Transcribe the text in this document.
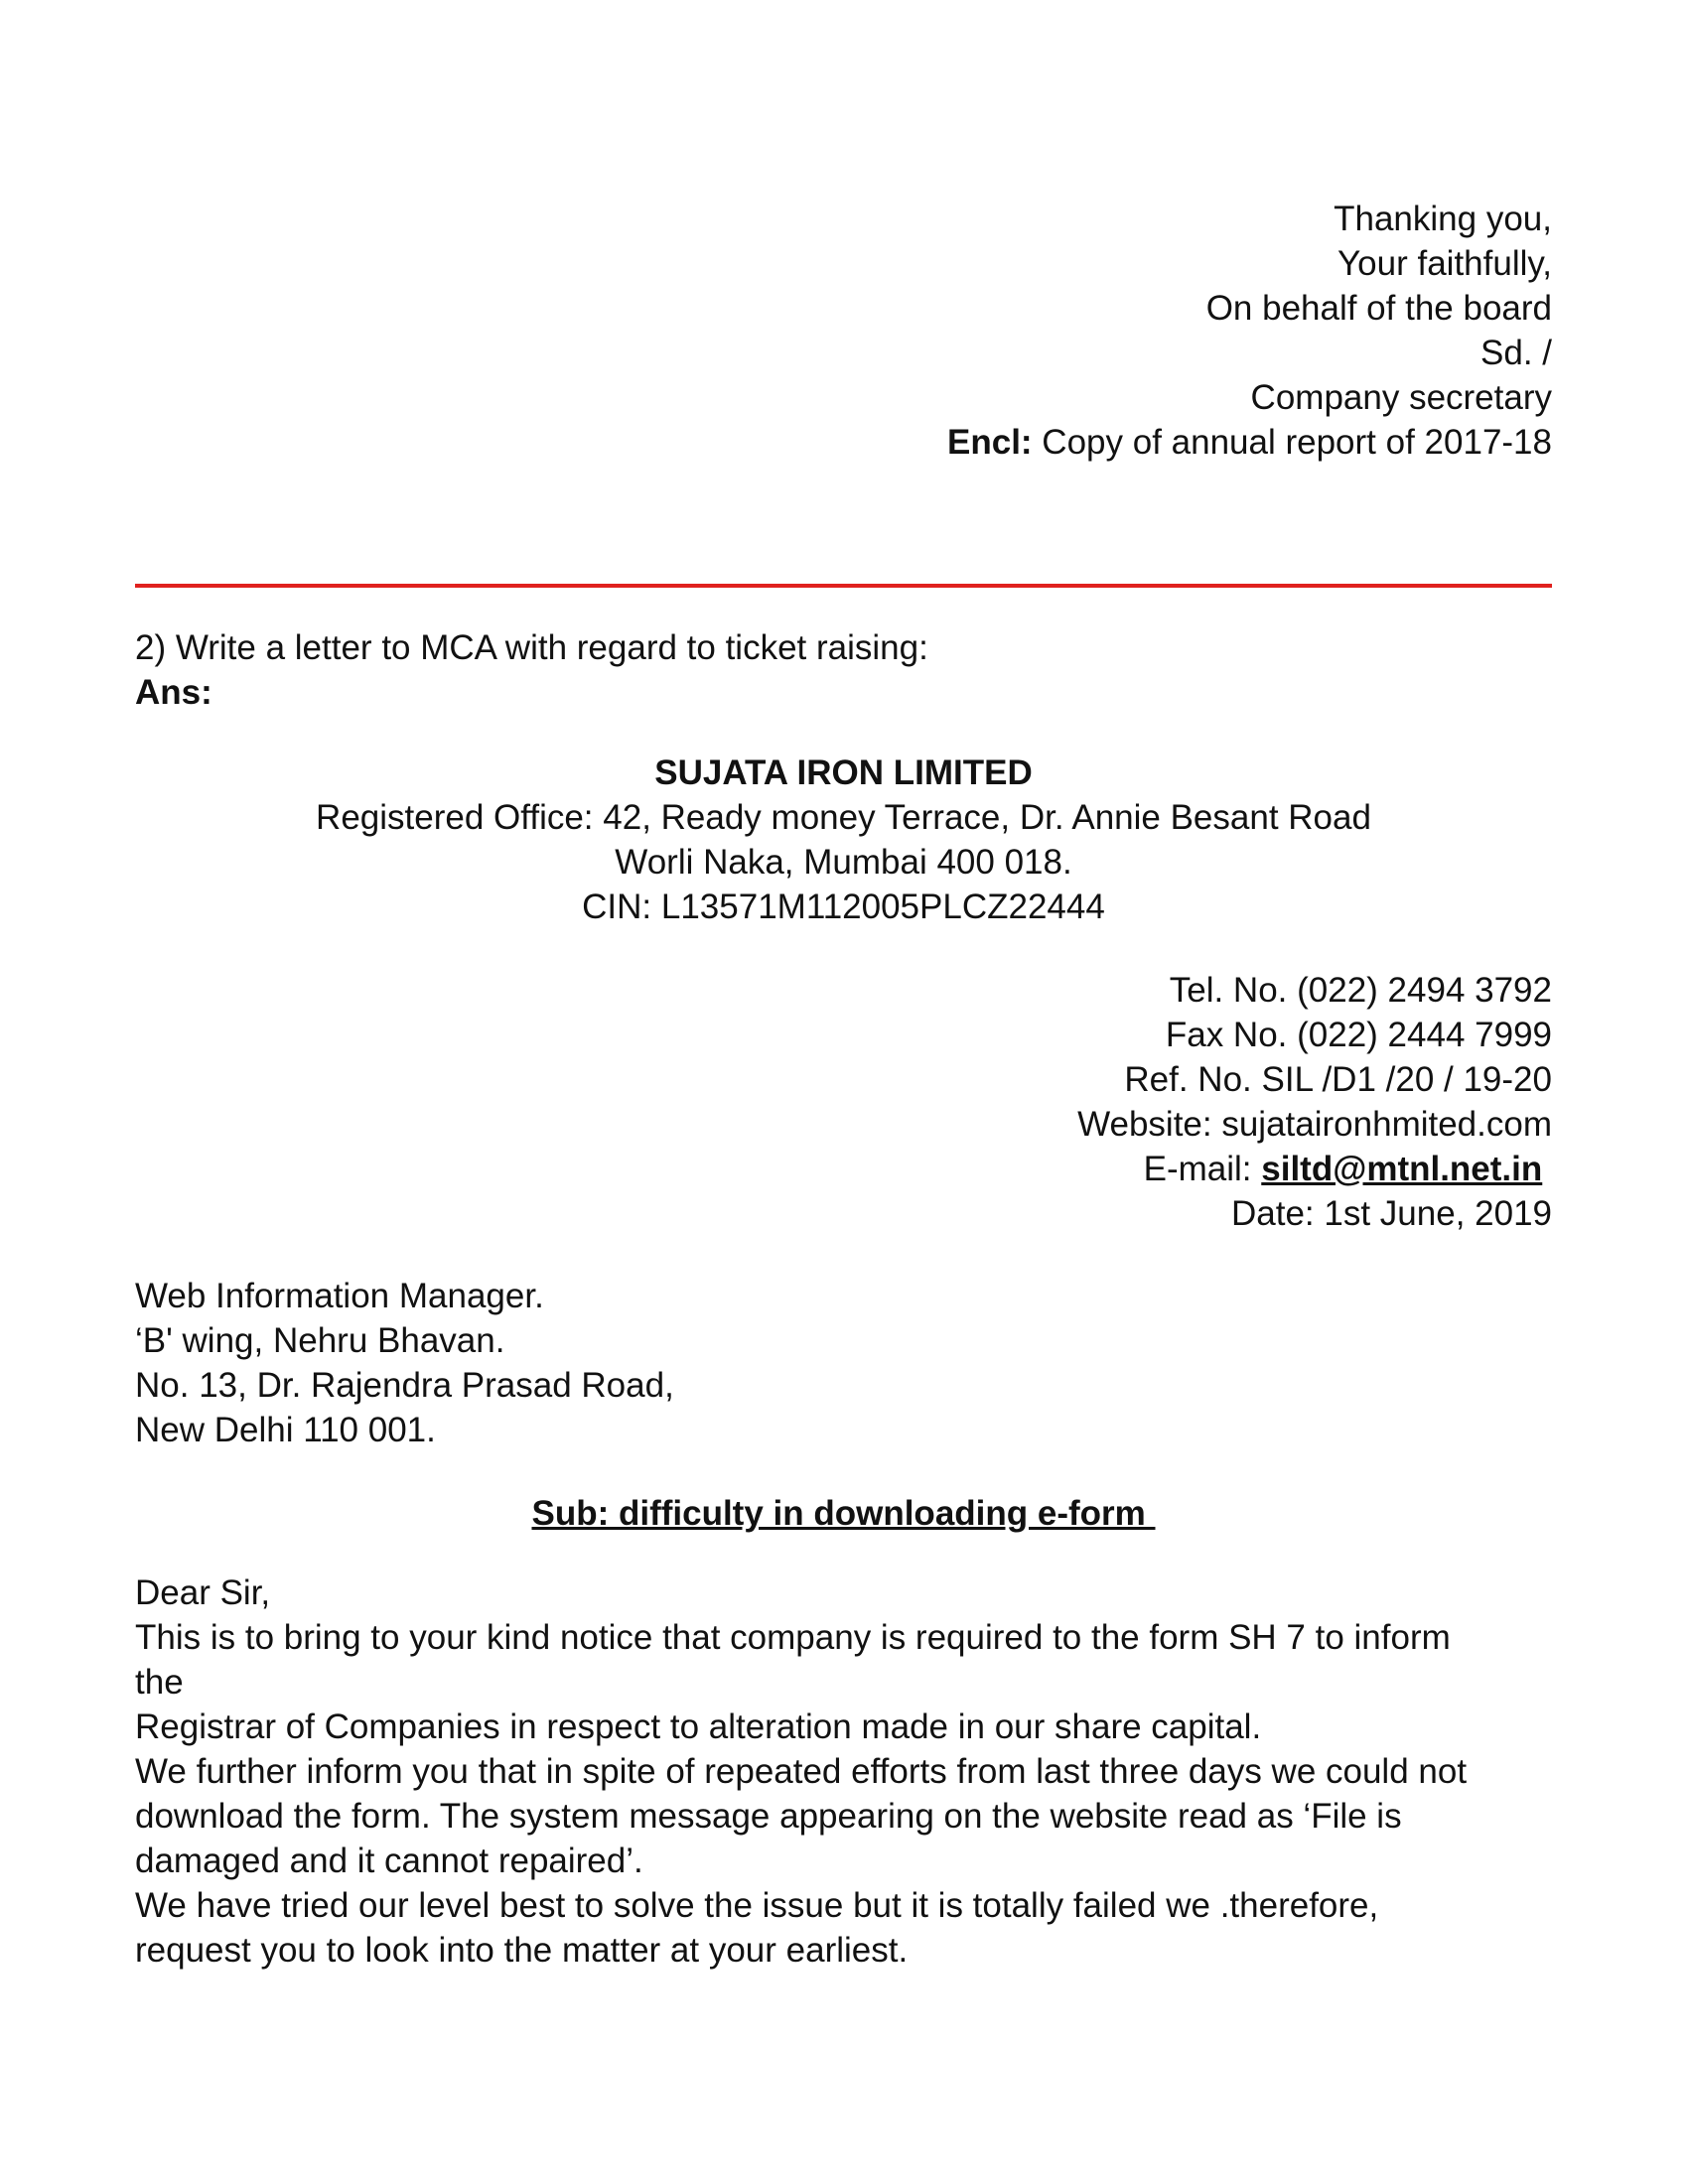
Thanking you,
Your faithfully,
On behalf of the board
Sd. /
Company secretary
Encl: Copy of annual report of 2017-18
2) Write a letter to MCA with regard to ticket raising:
Ans:
SUJATA IRON LIMITED
Registered Office: 42, Ready money Terrace, Dr. Annie Besant Road
Worli Naka, Mumbai 400 018.
CIN: L13571M112005PLCZ22444
Tel. No. (022) 2494 3792
Fax No. (022) 2444 7999
Ref. No. SIL /D1 /20 / 19-20
Website: sujataironhmited.com
E-mail: siltd@mtnl.net.in
Date: 1st June, 2019
Web Information Manager.
‘B' wing, Nehru Bhavan.
No. 13, Dr. Rajendra Prasad Road,
New Delhi 110 001.
Sub: difficulty in downloading e-form
Dear Sir,
This is to bring to your kind notice that company is required to the form SH 7 to inform
the
Registrar of Companies in respect to alteration made in our share capital.
We further inform you that in spite of repeated efforts from last three days we could not
download the form. The system message appearing on the website read as ‘File is
damaged and it cannot repaired’.
We have tried our level best to solve the issue but it is totally failed we .therefore,
request you to look into the matter at your earliest.
